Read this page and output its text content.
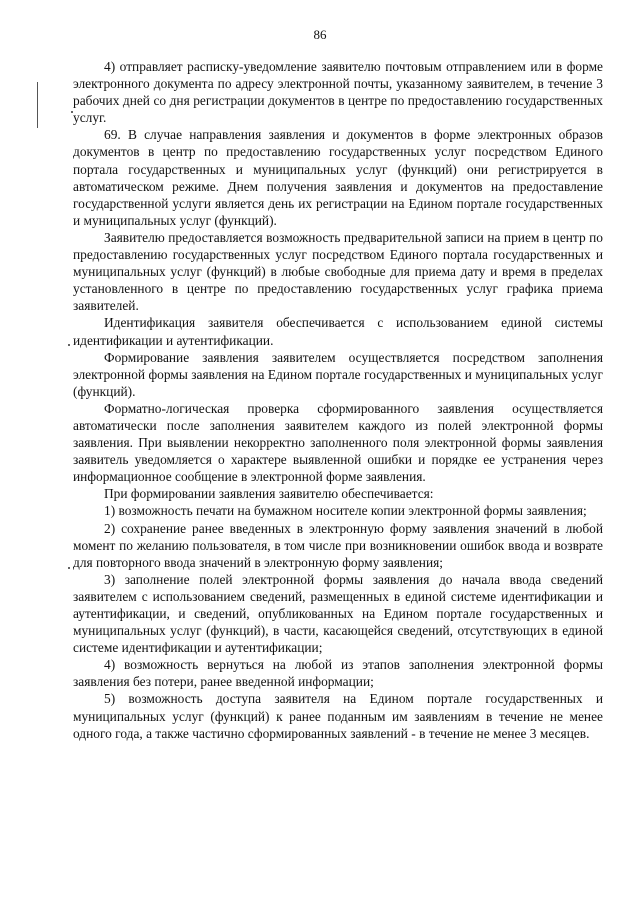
86

4) отправляет расписку-уведомление заявителю почтовым отправлением или в форме электронного документа по адресу электронной почты, указанному заявителем, в течение 3 рабочих дней со дня регистрации документов в центре по предоставлению государственных услуг.

69. В случае направления заявления и документов в форме электронных образов документов в центр по предоставлению государственных услуг посредством Единого портала государственных и муниципальных услуг (функций) они регистрируется в автоматическом режиме. Днем получения заявления и документов на предоставление государственной услуги является день их регистрации на Едином портале государственных и муниципальных услуг (функций).

Заявителю предоставляется возможность предварительной записи на прием в центр по предоставлению государственных услуг посредством Единого портала государственных и муниципальных услуг (функций) в любые свободные для приема дату и время в пределах установленного в центре по предоставлению государственных услуг графика приема заявителей.

Идентификация заявителя обеспечивается с использованием единой системы идентификации и аутентификации.

Формирование заявления заявителем осуществляется посредством заполнения электронной формы заявления на Едином портале государственных и муниципальных услуг (функций).

Форматно-логическая проверка сформированного заявления осуществляется автоматически после заполнения заявителем каждого из полей электронной формы заявления. При выявлении некорректно заполненного поля электронной формы заявления заявитель уведомляется о характере выявленной ошибки и порядке ее устранения через информационное сообщение в электронной форме заявления.

При формировании заявления заявителю обеспечивается:

1) возможность печати на бумажном носителе копии электронной формы заявления;

2) сохранение ранее введенных в электронную форму заявления значений в любой момент по желанию пользователя, в том числе при возникновении ошибок ввода и возврате для повторного ввода значений в электронную форму заявления;

3) заполнение полей электронной формы заявления до начала ввода сведений заявителем с использованием сведений, размещенных в единой системе идентификации и аутентификации, и сведений, опубликованных на Едином портале государственных и муниципальных услуг (функций), в части, касающейся сведений, отсутствующих в единой системе идентификации и аутентификации;

4) возможность вернуться на любой из этапов заполнения электронной формы заявления без потери, ранее введенной информации;

5) возможность доступа заявителя на Едином портале государственных и муниципальных услуг (функций) к ранее поданным им заявлениям в течение не менее одного года, а также частично сформированных заявлений - в течение не менее 3 месяцев.
